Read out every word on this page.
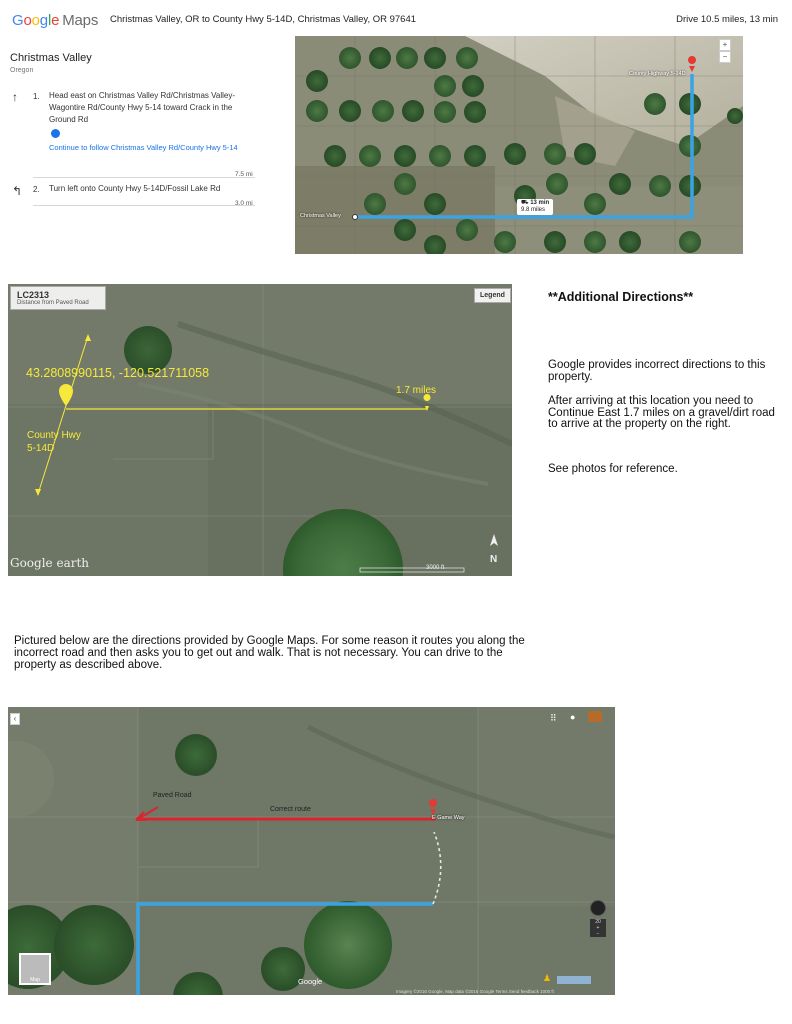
Google Maps Christmas Valley, OR to County Hwy 5-14D, Christmas Valley, OR 97641	Drive 10.5 miles, 13 min
Christmas Valley
Oregon
↑ 1. Head east on Christmas Valley Rd/Christmas Valley-Wagontire Rd/County Hwy 5-14 toward Crack in the Ground Rd
Continue to follow Christmas Valley Rd/County Hwy 5-14
7.5 mi
↰ 2. Turn left onto County Hwy 5-14D/Fossil Lake Rd
3.0 mi
+
−
County Highway 5-14D
Christmas Valley
⛟ 13 min
9.8 miles
LC2313
Distance from Paved Road
Legend
43.2808990115, -120.521711058
1.7 miles
County Hwy
5-14D
Google earth	3000 ft
N
**Additional Directions**
Google provides incorrect directions to this property.
After arriving at this location you need to Continue East 1.7 miles on a gravel/dirt road to arrive at the property on the right.
See photos for reference.
Pictured below are the directions provided by Google Maps. For some reason it routes you along the incorrect road and then asks you to get out and walk. That is not necessary. You can drive to the property as described above.
‹	⠿ ●
Paved Road
Correct route
E Game Way
20
+
−
♟
Map	Google
Imagery ©2016 Google, Map data ©2016 Google Terms Send feedback 1000 ft
